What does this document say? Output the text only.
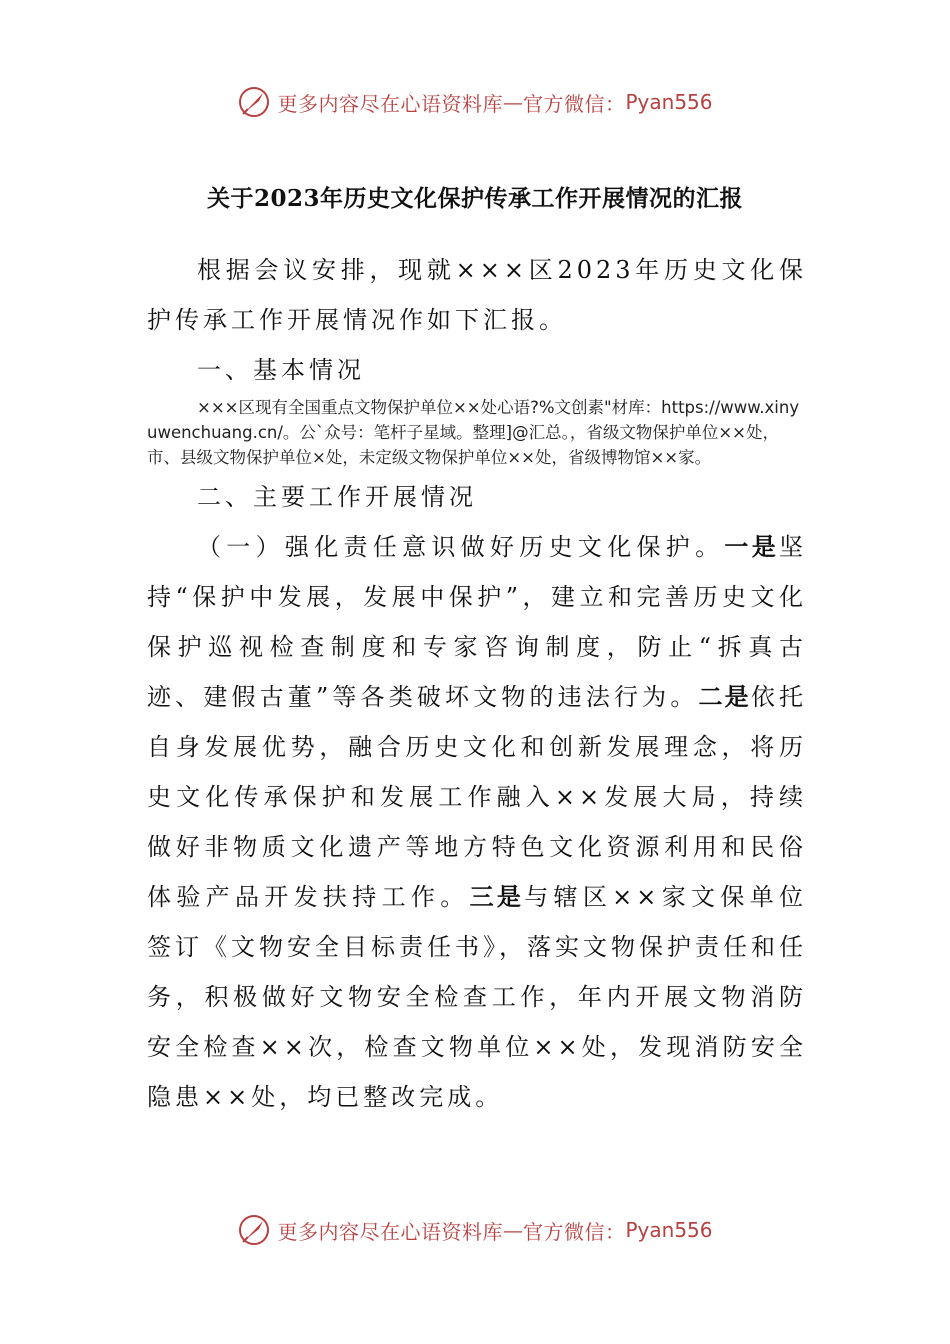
更多内容尽在心语资料库 — 官方微信： Pyan556
关于2023年历史文化保护传承工作开展情况的汇报

根据会议安排，现就×××区2023年历史文化保护传承工作开展情况作如下汇报。

一、基本情况

×××区现有全国重点文物保护单位××处心语?%文创素"材库：https://www.xinyuwenchuang.cn/。公`众号：笔杆子星域。整理]@汇总。，省级文物保护单位××处，市、县级文物保护单位×处，未定级文物保护单位××处，省级博物馆××家。

二、主要工作开展情况

（一）强化责任意识做好历史文化保护。一是坚持“保护中发展，发展中保护”，建立和完善历史文化保护巡视检查制度和专家咨询制度，防止“拆真古迹、建假古董”等各类破坏文物的违法行为。二是依托自身发展优势，融合历史文化和创新发展理念，将历史文化传承保护和发展工作融入××发展大局，持续做好非物质文化遗产等地方特色文化资源利用和民俗体验产品开发扶持工作。三是与辖区××家文保单位签订《文物安全目标责任书》，落实文物保护责任和任务，积极做好文物安全检查工作，年内开展文物消防安全检查××次，检查文物单位××处，发现消防安全隐患××处，均已整改完成。

更多内容尽在心语资料库 — 官方微信： Pyan556
